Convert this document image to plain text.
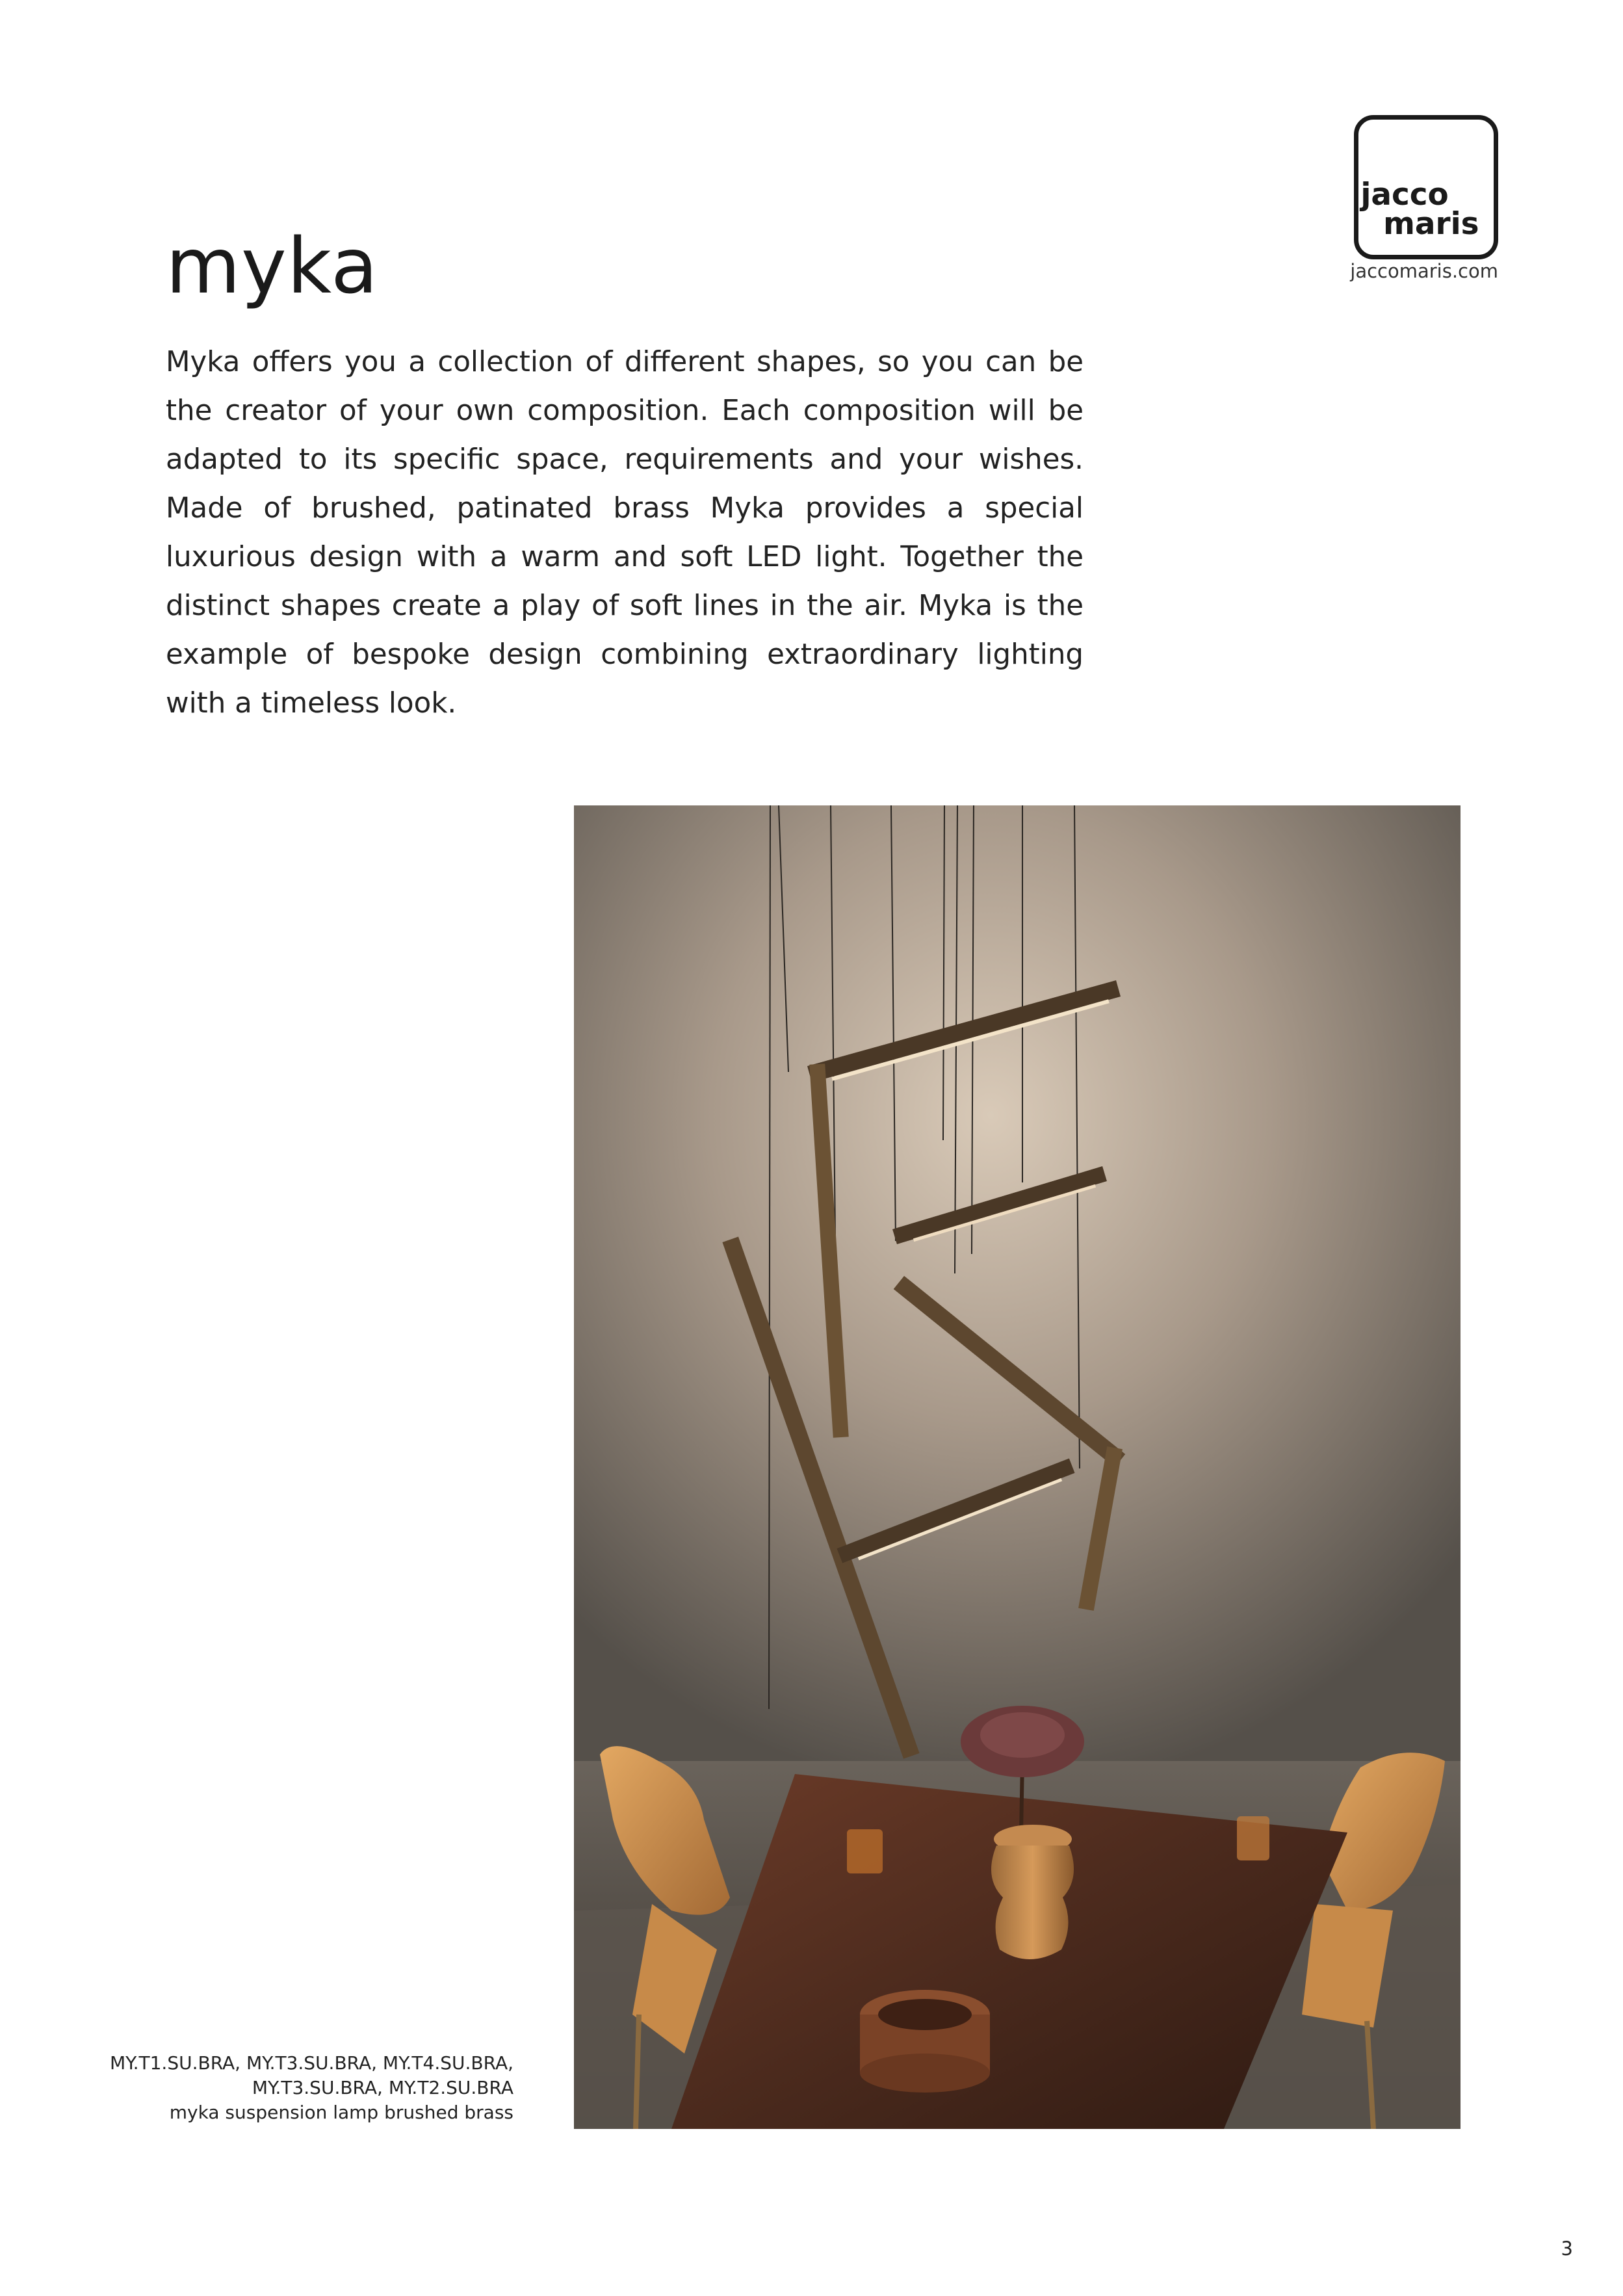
jacco
maris
jaccomaris.com
myka

Myka offers you a collection of different shapes, so you can be the creator of your own composition. Each composition will be adapted to its specific space, requirements and your wishes. Made of brushed, patinated brass Myka provides a special luxurious design with a warm and soft LED light. Together the distinct shapes create a play of soft lines in the air. Myka is the example of bespoke design combining extraordinary lighting with a timeless look.

MY.T1.SU.BRA, MY.T3.SU.BRA, MY.T4.SU.BRA,
MY.T3.SU.BRA, MY.T2.SU.BRA
myka suspension lamp brushed brass
3
